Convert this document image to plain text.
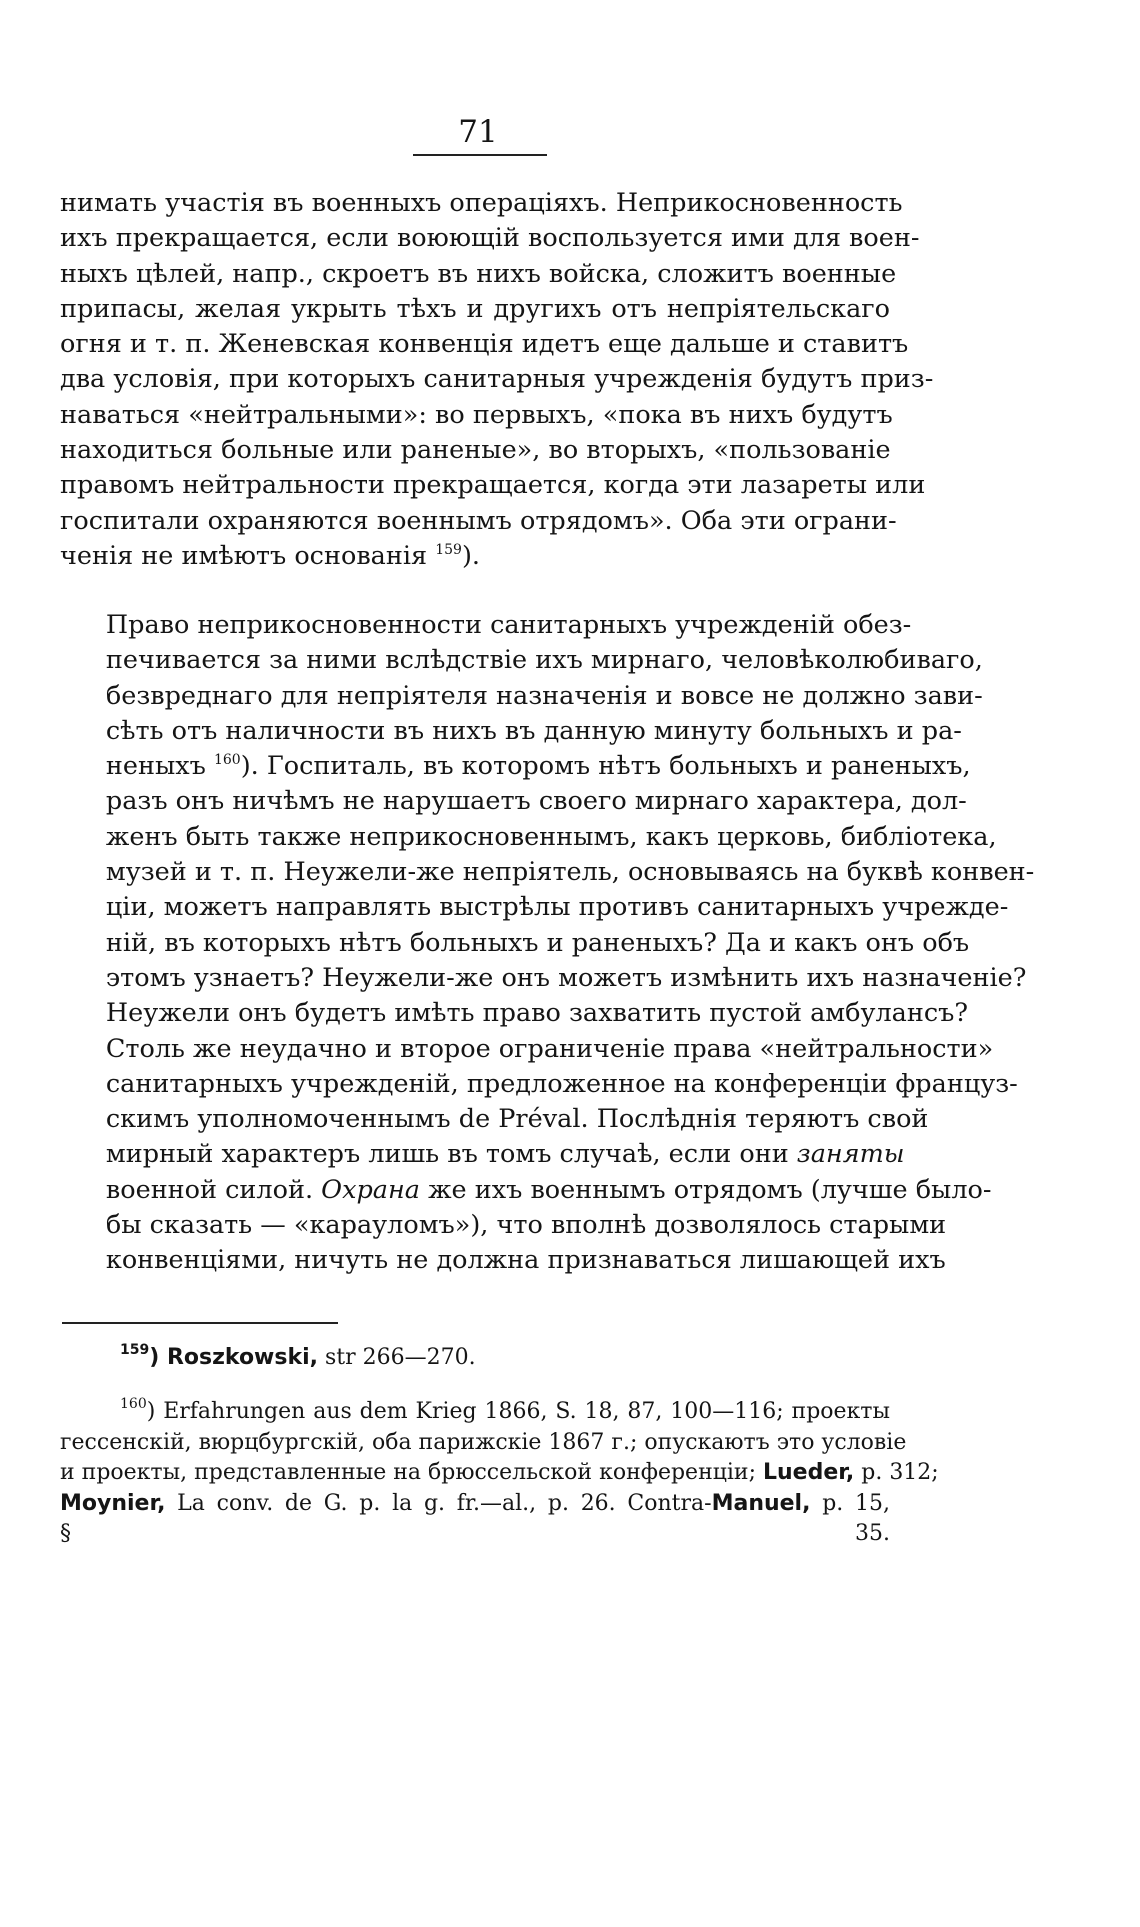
71
нимать участія въ военныхъ операціяхъ. Неприкосновенность
ихъ прекращается, если воюющій воспользуется ими для воен-
ныхъ цѣлей, напр., скроетъ въ нихъ войска, сложитъ военные
припасы, желая укрыть тѣхъ и другихъ отъ непріятельскаго
огня и т. п. Женевская конвенція идетъ еще дальше и ставитъ
два условія, при которыхъ санитарныя учрежденія будутъ приз-
наваться «нейтральными»: во первыхъ, «пока въ нихъ будутъ
находиться больные или раненые», во вторыхъ, «пользованіе
правомъ нейтральности прекращается, когда эти лазареты или
госпитали охраняются военнымъ отрядомъ». Оба эти ограни-
ченія не имѣютъ основанія $^{159}$).
Право неприкосновенности санитарныхъ учрежденій обез-
печивается за ними вслѣдствіе ихъ мирнаго, человѣколюбиваго,
безвреднаго для непріятеля назначенія и вовсе не должно зави-
сѣть отъ наличности въ нихъ въ данную минуту больныхъ и ра-
неныхъ $^{160}$). Госпиталь, въ которомъ нѣтъ больныхъ и раненыхъ,
разъ онъ ничѣмъ не нарушаетъ своего мирнаго характера, дол-
женъ быть также неприкосновеннымъ, какъ церковь, библіотека,
музей и т. п. Неужели-же непріятель, основываясь на буквѣ конвен-
ціи, можетъ направлять выстрѣлы противъ санитарныхъ учрежде-
ній, въ которыхъ нѣтъ больныхъ и раненыхъ? Да и какъ онъ объ
этомъ узнаетъ? Неужели-же онъ можетъ измѣнить ихъ назначеніе?
Неужели онъ будетъ имѣть право захватить пустой амбулансъ?
Столь же неудачно и второе ограниченіе права «нейтральности»
санитарныхъ учрежденій, предложенное на конференціи француз-
скимъ уполномоченнымъ de Préval. Послѣднія теряютъ свой
мирный характеръ лишь въ томъ случаѣ, если они заняты
военной силой. Охрана же ихъ военнымъ отрядомъ (лучше было-
бы сказать — «карауломъ»), что вполнѣ дозволялось старыми
конвенціями, ничуть не должна признаваться лишающей ихъ
$^{159}$) Roszkowski, str 266—270.
$^{160}$) Erfahrungen aus dem Krieg 1866, S. 18, 87, 100—116; проекты
гессенскій, вюрцбургскій, оба парижскіе 1867 г.; опускаютъ это условіе
и проекты, представленные на брюссельской конференціи; Lueder, p. 312;
Moynier, La conv. de G. p. la g. fr.—al., p. 26. Contra-Manuel, p. 15,
§ 35.
